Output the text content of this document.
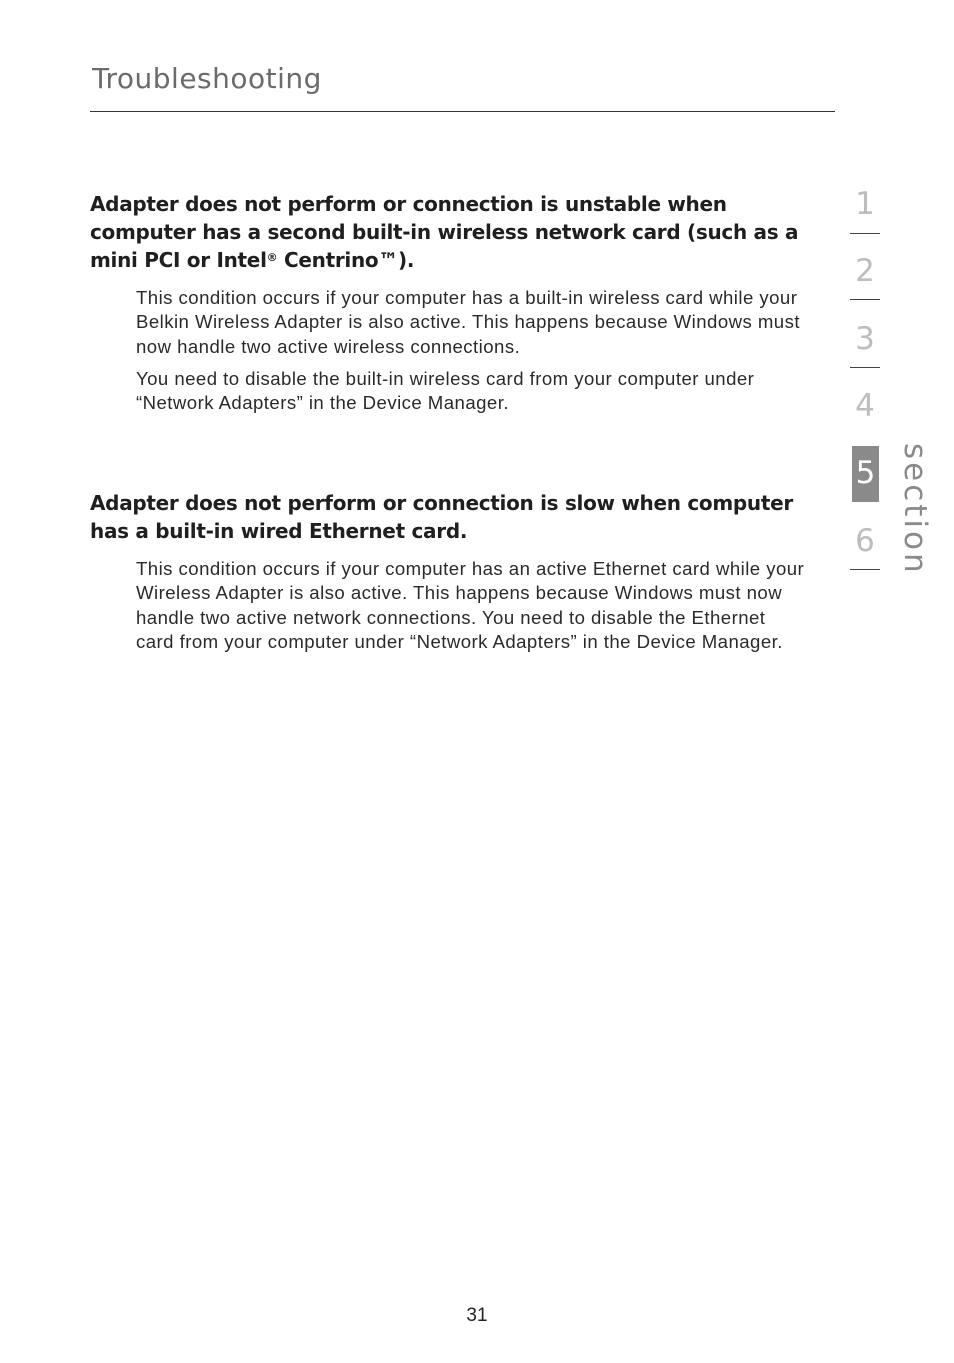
Troubleshooting
Adapter does not perform or connection is unstable when computer has a second built-in wireless network card (such as a mini PCI or Intel® Centrino™).

This condition occurs if your computer has a built-in wireless card while your Belkin Wireless Adapter is also active. This happens because Windows must now handle two active wireless connections.

You need to disable the built-in wireless card from your computer under “Network Adapters” in the Device Manager.

Adapter does not perform or connection is slow when computer has a built-in wired Ethernet card.

This condition occurs if your computer has an active Ethernet card while your Wireless Adapter is also active. This happens because Windows must now handle two active network connections. You need to disable the Ethernet card from your computer under “Network Adapters” in the Device Manager.

1
2
3
4
5
6 section
31
